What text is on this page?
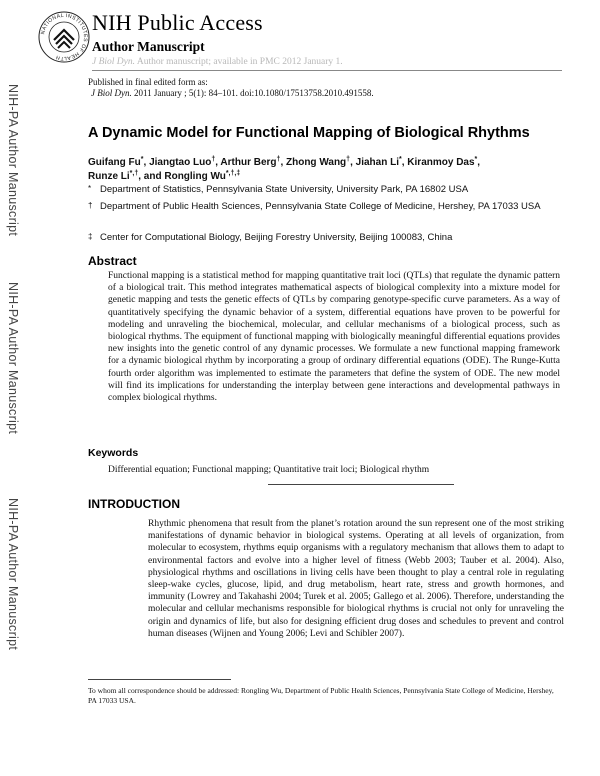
NATIONAL INSTITUTES OF HEALTH
NIH Public Access
Author Manuscript
J Biol Dyn. Author manuscript; available in PMC 2012 January 1.
Published in final edited form as:
J Biol Dyn. 2011 January ; 5(1): 84–101. doi:10.1080/17513758.2010.491558.
NIH-PA Author Manuscript
NIH-PA Author Manuscript
NIH-PA Author Manuscript
A Dynamic Model for Functional Mapping of Biological Rhythms
Guifang Fu*, Jiangtao Luo†, Arthur Berg†, Zhong Wang†, Jiahan Li*, Kiranmoy Das*,
Runze Li*,†, and Rongling Wu*,†,‡
* Department of Statistics, Pennsylvania State University, University Park, PA 16802 USA
† Department of Public Health Sciences, Pennsylvania State College of Medicine, Hershey, PA 17033 USA
‡ Center for Computational Biology, Beijing Forestry University, Beijing 100083, China
Abstract
Functional mapping is a statistical method for mapping quantitative trait loci (QTLs) that regulate the dynamic pattern of a biological trait. This method integrates mathematical aspects of biological complexity into a mixture model for genetic mapping and tests the genetic effects of QTLs by comparing genotype-specific curve parameters. As a way of quantitatively specifying the dynamic behavior of a system, differential equations have proven to be powerful for modeling and unraveling the biochemical, molecular, and cellular mechanisms of a biological process, such as biological rhythms. The equipment of functional mapping with biologically meaningful differential equations provides new insights into the genetic control of any dynamic processes. We formulate a new functional mapping framework for a dynamic biological rhythm by incorporating a group of ordinary differential equations (ODE). The Runge-Kutta fourth order algorithm was implemented to estimate the parameters that define the system of ODE. The new model will find its implications for understanding the interplay between gene interactions and developmental pathways in complex biological rhythms.
Keywords
Differential equation; Functional mapping; Quantitative trait loci; Biological rhythm
INTRODUCTION
Rhythmic phenomena that result from the planet’s rotation around the sun represent one of the most striking manifestations of dynamic behavior in biological systems. Operating at all levels of organization, from molecular to ecosystem, rhythms equip organisms with a regulatory mechanism that allows them to adapt to environmental factors and evolve into a higher level of fitness (Webb 2003; Tauber et al. 2004). Also, physiological rhythms and oscillations in living cells have been thought to play a central role in regulating sleep-wake cycles, glucose, lipid, and drug metabolism, heart rate, stress and growth hormones, and immunity (Lowrey and Takahashi 2004; Turek et al. 2005; Gallego et al. 2006). Therefore, understanding the molecular and cellular mechanisms responsible for biological rhythms is crucial not only for unraveling the origin and dynamics of life, but also for designing efficient drug doses and schedules to prevent and control human diseases (Wijnen and Young 2006; Levi and Schibler 2007).
To whom all correspondence should be addressed: Rongling Wu, Department of Public Health Sciences, Pennsylvania State College of Medicine, Hershey, PA 17033 USA.
